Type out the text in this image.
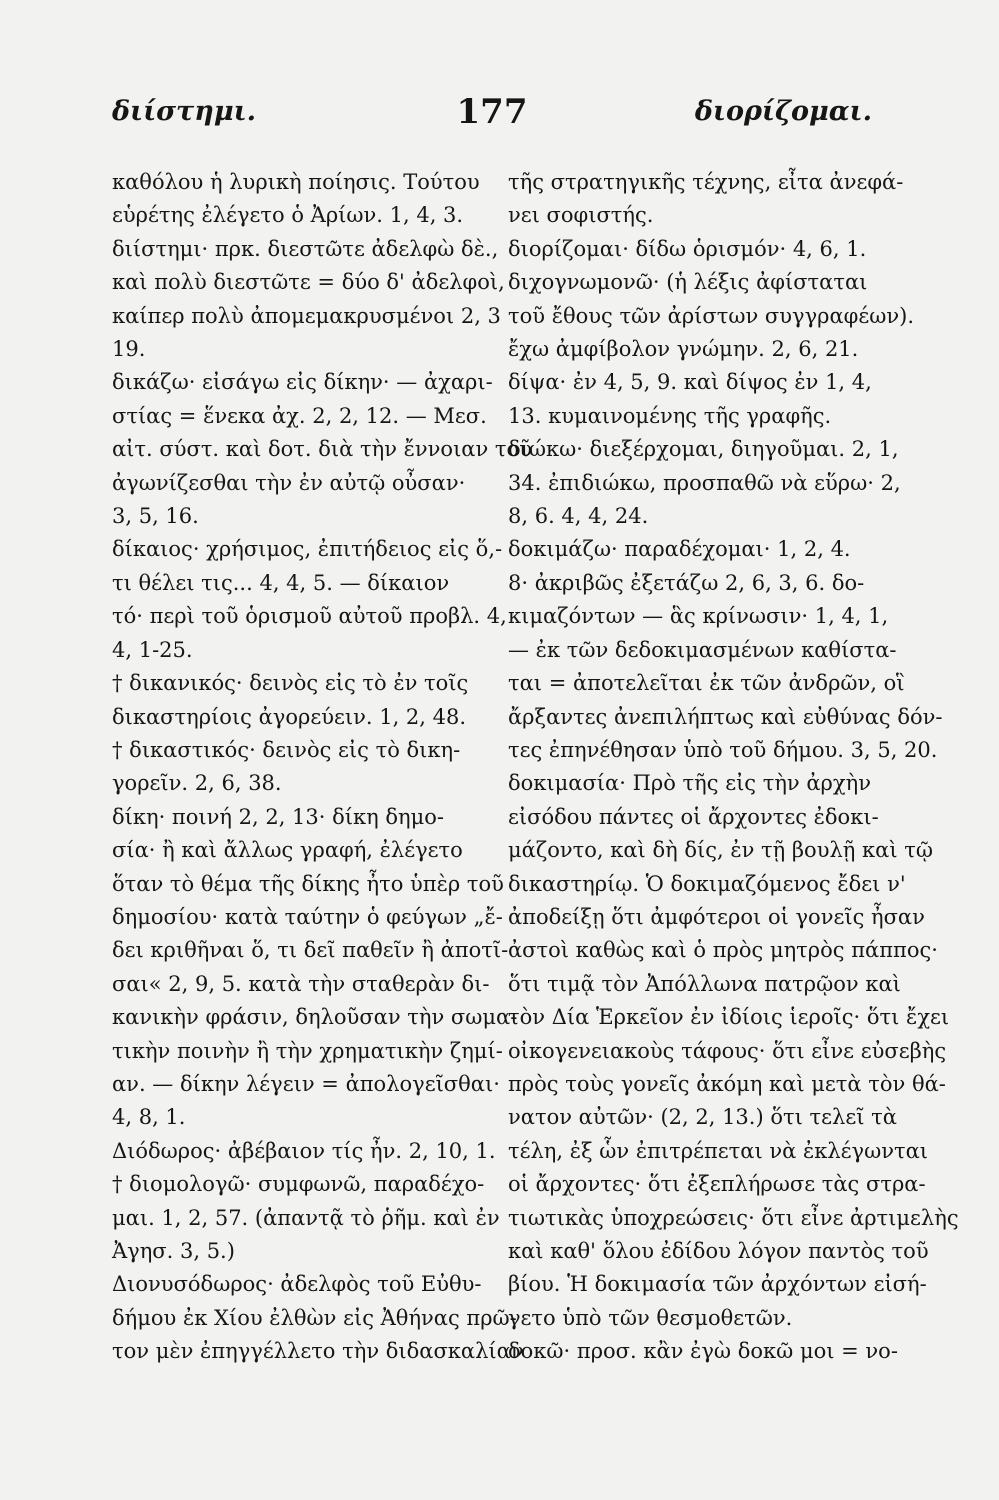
διίστημι.	177	διορίζομαι.
καθόλου ἡ λυρικὴ ποίησις. Τούτου
εὑρέτης ἐλέγετο ὁ Ἀρίων. 1, 4, 3.
διίστημι· πρκ. διεστῶτε ἀδελφὼ δὲ.,
καὶ πολὺ διεστῶτε = δύο δ' ἀδελφοὶ,
καίπερ πολὺ ἀπομεμακρυσμένοι 2, 3
19.
δικάζω· εἰσάγω εἰς δίκην· — ἀχαρι-
στίας = ἕνεκα ἀχ. 2, 2, 12. — Μεσ.
αἰτ. σύστ. καὶ δοτ. διὰ τὴν ἔννοιαν τοῦ
ἀγωνίζεσθαι τὴν ἐν αὐτῷ οὖσαν·
3, 5, 16.
δίκαιος· χρήσιμος, ἐπιτήδειος εἰς ὅ,-
τι θέλει τις... 4, 4, 5. — δίκαιον
τό· περὶ τοῦ ὁρισμοῦ αὐτοῦ προβλ. 4,
4, 1-25.
† δικανικός· δεινὸς εἰς τὸ ἐν τοῖς
δικαστηρίοις ἀγορεύειν. 1, 2, 48.
† δικαστικός· δεινὸς εἰς τὸ δικη-
γορεῖν. 2, 6, 38.
δίκη· ποινή 2, 2, 13· δίκη δημο-
σία· ἢ καὶ ἄλλως γραφή, ἐλέγετο
ὅταν τὸ θέμα τῆς δίκης ἦτο ὑπὲρ τοῦ
δημοσίου· κατὰ ταύτην ὁ φεύγων „ἔ-
δει κριθῆναι ὅ, τι δεῖ παθεῖν ἢ ἀποτῖ-
σαι« 2, 9, 5. κατὰ τὴν σταθερὰν δι-
κανικὴν φράσιν, δηλοῦσαν τὴν σωμα-
τικὴν ποινὴν ἢ τὴν χρηματικὴν ζημί-
αν. — δίκην λέγειν = ἀπολογεῖσθαι·
4, 8, 1.
Διόδωρος· ἀβέβαιον τίς ἦν. 2, 10, 1.
† διομολογῶ· συμφωνῶ, παραδέχο-
μαι. 1, 2, 57. (ἀπαντᾷ τὸ ῥῆμ. καὶ ἐν
Ἀγησ. 3, 5.)
Διονυσόδωρος· ἀδελφὸς τοῦ Εὐθυ-
δήμου ἐκ Χίου ἐλθὼν εἰς Ἀθήνας πρῶ-
τον μὲν ἐπηγγέλλετο τὴν διδασκαλίαν
τῆς στρατηγικῆς τέχνης, εἶτα ἀνεφά-
νει σοφιστής.
διορίζομαι· δίδω ὁρισμόν· 4, 6, 1.
διχογνωμονῶ· (ἡ λέξις ἀφίσταται
τοῦ ἔθους τῶν ἀρίστων συγγραφέων).
ἔχω ἀμφίβολον γνώμην. 2, 6, 21.
δίψα· ἐν 4, 5, 9. καὶ δίψος ἐν 1, 4,
13. κυμαινομένης τῆς γραφῆς.
διώκω· διεξέρχομαι, διηγοῦμαι. 2, 1,
34. ἐπιδιώκω, προσπαθῶ νὰ εὕρω· 2,
8, 6. 4, 4, 24.
δοκιμάζω· παραδέχομαι· 1, 2, 4.
8· ἀκριβῶς ἐξετάζω 2, 6, 3, 6. δο-
κιμαζόντων — ἃς κρίνωσιν· 1, 4, 1,
— ἐκ τῶν δεδοκιμασμένων καθίστα-
ται = ἀποτελεῖται ἐκ τῶν ἀνδρῶν, οἳ
ἄρξαντες ἀνεπιλήπτως καὶ εὐθύνας δόν-
τες ἐπηνέθησαν ὑπὸ τοῦ δήμου. 3, 5, 20.
δοκιμασία· Πρὸ τῆς εἰς τὴν ἀρχὴν
εἰσόδου πάντες οἱ ἄρχοντες ἐδοκι-
μάζοντο, καὶ δὴ δίς, ἐν τῇ βουλῇ καὶ τῷ
δικαστηρίῳ. Ὁ δοκιμαζόμενος ἔδει ν'
ἀποδείξῃ ὅτι ἀμφότεροι οἱ γονεῖς ἦσαν
ἀστοὶ καθὼς καὶ ὁ πρὸς μητρὸς πάππος·
ὅτι τιμᾷ τὸν Ἀπόλλωνα πατρῷον καὶ
τὸν Δία Ἑρκεῖον ἐν ἰδίοις ἱεροῖς· ὅτι ἔχει
οἰκογενειακοὺς τάφους· ὅτι εἶνε εὐσεβὴς
πρὸς τοὺς γονεῖς ἀκόμη καὶ μετὰ τὸν θά-
νατον αὐτῶν· (2, 2, 13.) ὅτι τελεῖ τὰ
τέλη, ἐξ ὧν ἐπιτρέπεται νὰ ἐκλέγωνται
οἱ ἄρχοντες· ὅτι ἐξεπλήρωσε τὰς στρα-
τιωτικὰς ὑποχρεώσεις· ὅτι εἶνε ἀρτιμελὴς
καὶ καθ' ὅλου ἐδίδου λόγον παντὸς τοῦ
βίου. Ἡ δοκιμασία τῶν ἀρχόντων εἰσή-
γετο ὑπὸ τῶν θεσμοθετῶν.
δοκῶ· προσ. κἂν ἐγὼ δοκῶ μοι = νο-
